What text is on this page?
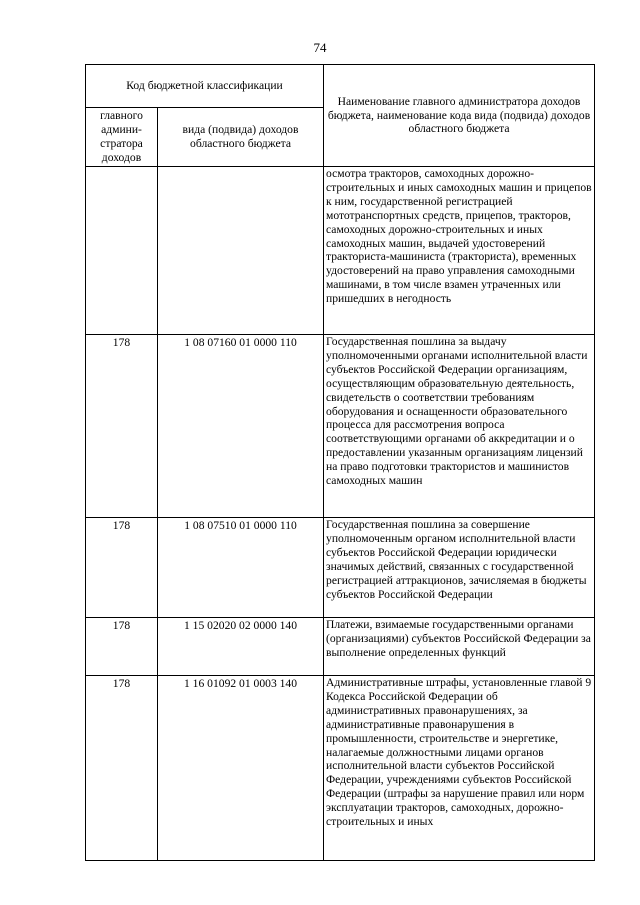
74
Код бюджетной классификации		Наименование главного администратора доходов бюджета, наименование кода вида (подвида) доходов областного бюджета
главного админи-стратора доходов	вида (подвида) доходов областного бюджета	
		осмотра тракторов, самоходных дорожно-строительных и иных самоходных машин и прицепов к ним, государственной регистрацией мототранспортных средств, прицепов, тракторов, самоходных дорожно-строительных и иных самоходных машин, выдачей удостоверений тракториста-машиниста (тракториста), временных удостоверений на право управления самоходными машинами, в том числе взамен утраченных или пришедших в негодность
178	1 08 07160 01 0000 110	Государственная пошлина за выдачу уполномоченными органами исполнительной власти субъектов Российской Федерации организациям, осуществляющим образовательную деятельность, свидетельств о соответствии требованиям оборудования и оснащенности образовательного процесса для рассмотрения вопроса соответствующими органами об аккредитации и о предоставлении указанным организациям лицензий на право подготовки трактористов и машинистов самоходных машин
178	1 08 07510 01 0000 110	Государственная пошлина за совершение уполномоченным органом исполнительной власти субъектов Российской Федерации юридически значимых действий, связанных с государственной регистрацией аттракционов, зачисляемая в бюджеты субъектов Российской Федерации
178	1 15 02020 02 0000 140	Платежи, взимаемые государственными органами (организациями) субъектов Российской Федерации за выполнение определенных функций
178	1 16 01092 01 0003 140	Административные штрафы, установленные главой 9 Кодекса Российской Федерации об административных правонарушениях, за административные правонарушения в промышленности, строительстве и энергетике, налагаемые должностными лицами органов исполнительной власти субъектов Российской Федерации, учреждениями субъектов Российской Федерации (штрафы за нарушение правил или норм эксплуатации тракторов, самоходных, дорожно-строительных и иных
